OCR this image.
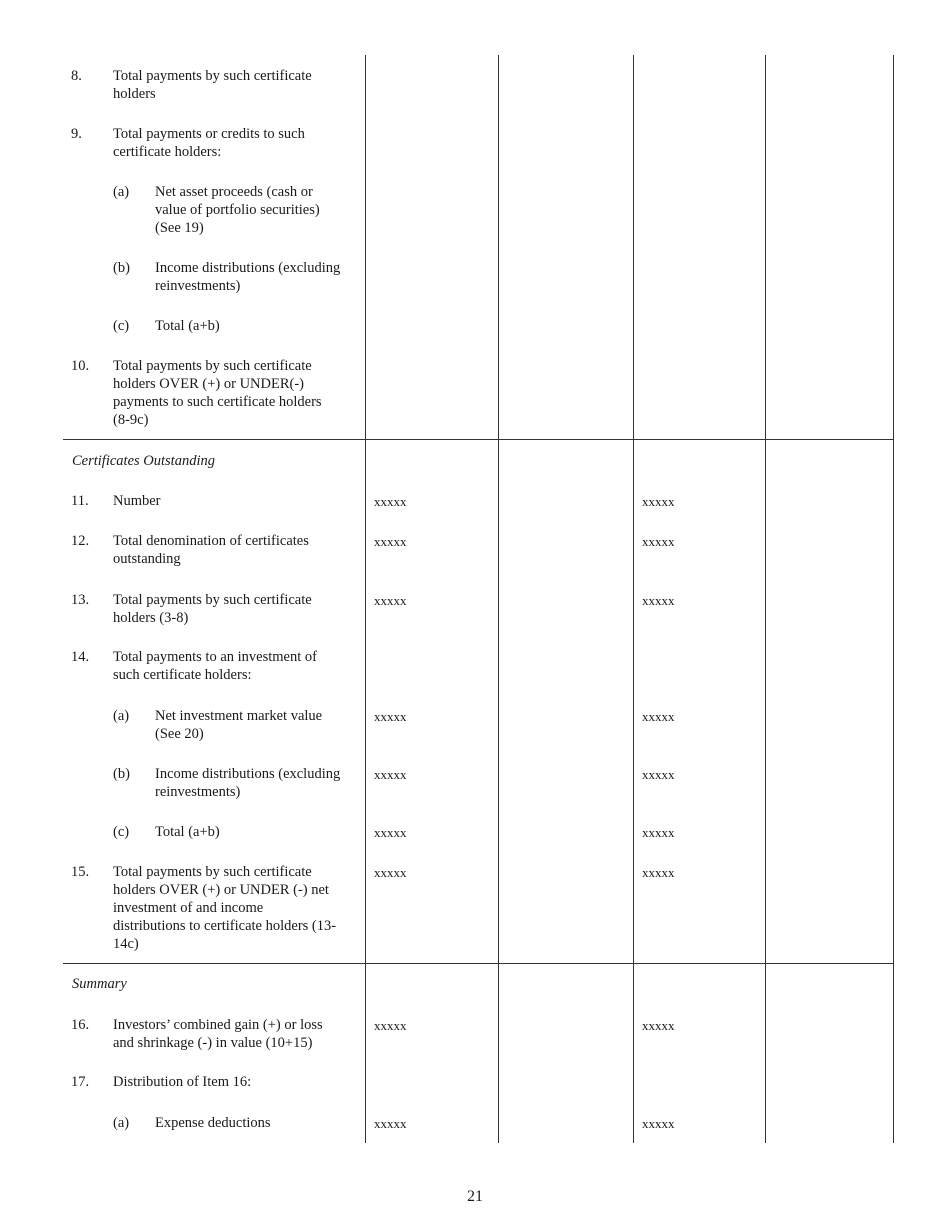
8. Total payments by such certificate
holders
9. Total payments or credits to such
certificate holders:
(a) Net asset proceeds (cash or
value of portfolio securities)
(See 19)
(b) Income distributions (excluding
reinvestments)
(c) Total (a+b)
10. Total payments by such certificate
holders OVER (+) or UNDER(-)
payments to such certificate holders
(8-9c)
Certificates Outstanding
11. Number	xxxxx	xxxxx
12. Total denomination of certificates
outstanding
xxxxx	xxxxx
13. Total payments by such certificate
holders (3-8)
xxxxx	xxxxx
14. Total payments to an investment of
such certificate holders:
(a) Net investment market value
(See 20)
xxxxx	xxxxx
(b) Income distributions (excluding
reinvestments)
xxxxx	xxxxx
(c) Total (a+b)	xxxxx	xxxxx
15. Total payments by such certificate
holders OVER (+) or UNDER (-) net
investment of and income
distributions to certificate holders (13-
14c)
xxxxx	xxxxx
Summary
16. Investors’ combined gain (+) or loss
and shrinkage (-) in value (10+15)
xxxxx	xxxxx
17. Distribution of Item 16:
(a) Expense deductions	xxxxx	xxxxx
21
